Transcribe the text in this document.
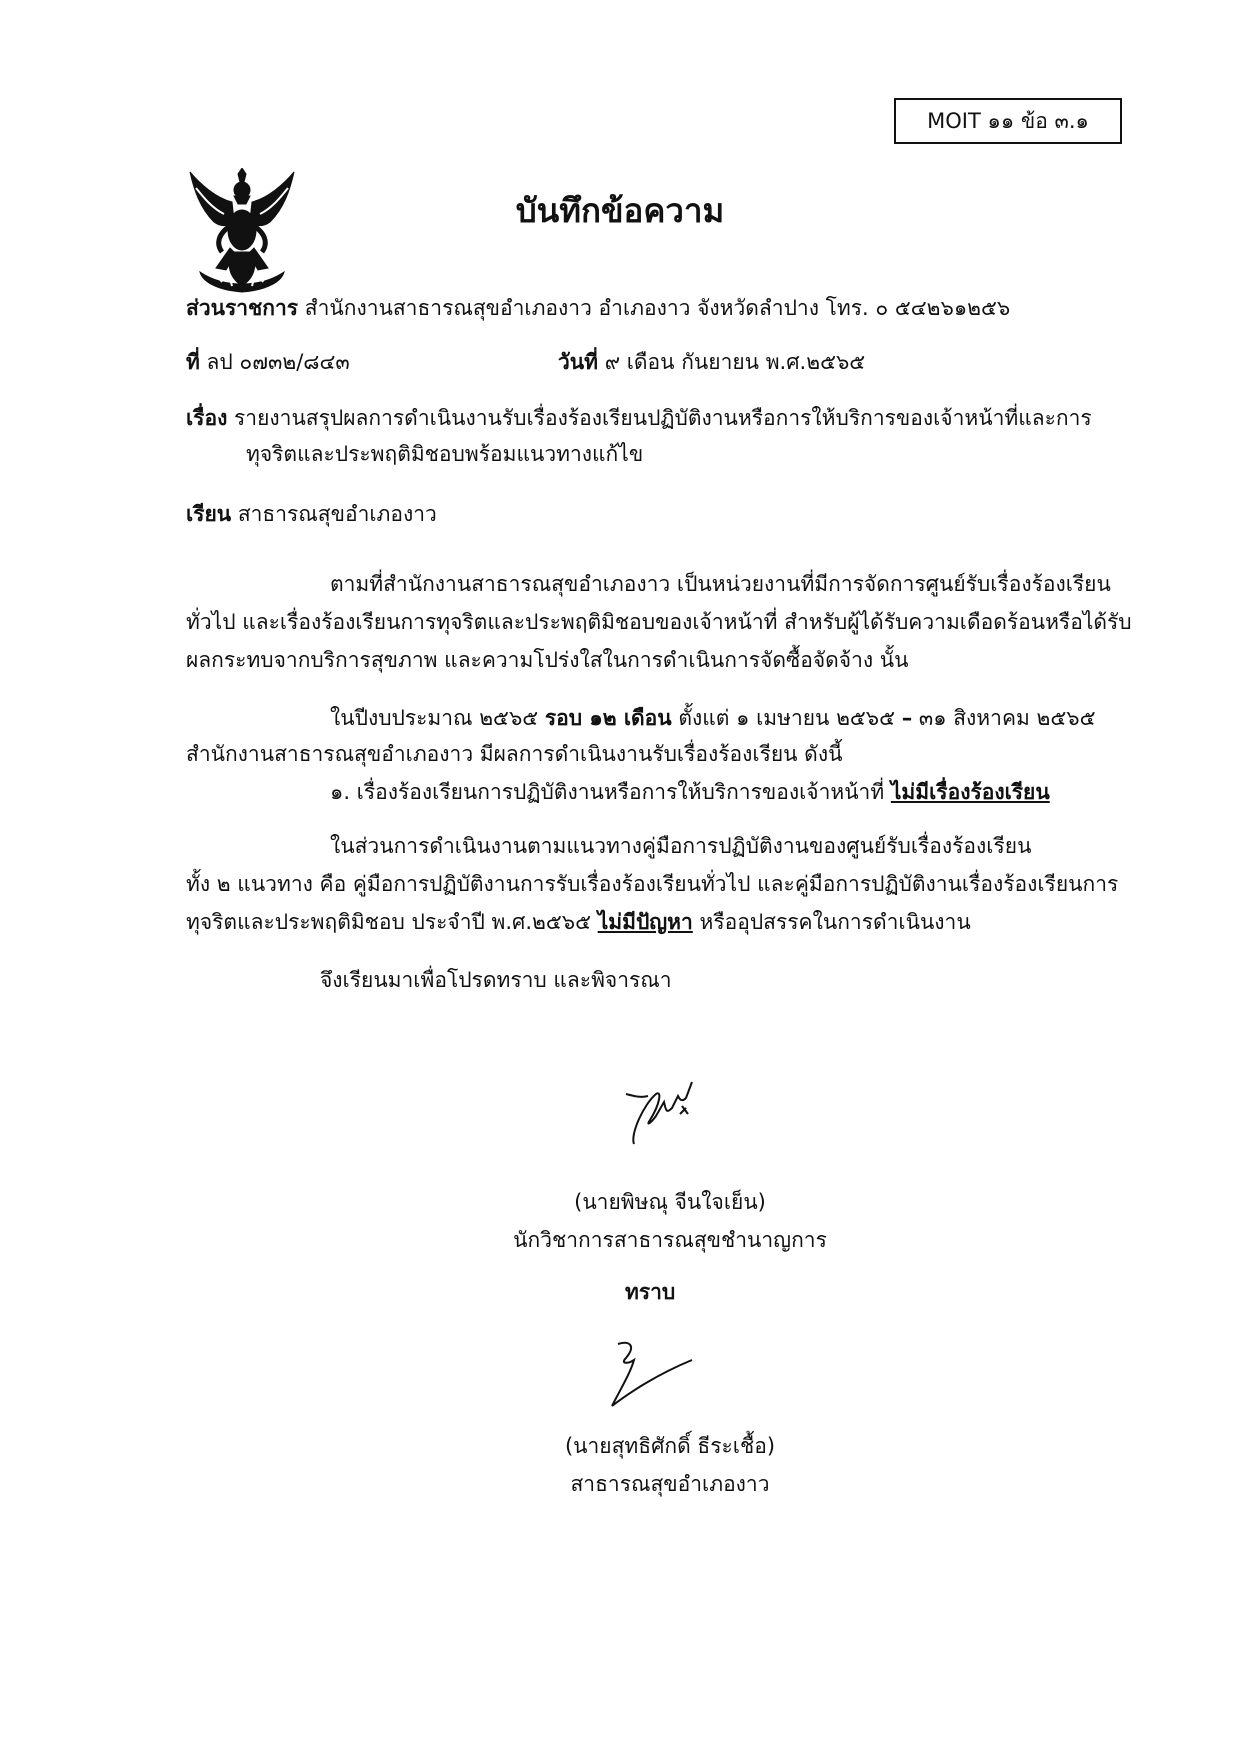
MOIT ๑๑ ข้อ ๓.๑
บันทึกข้อความ
ส่วนราชการ สำนักงานสาธารณสุขอำเภองาว อำเภองาว จังหวัดลำปาง โทร. ๐ ๕๔๒๖๑๒๕๖
ที่ ลป ๐๗๓๒/๘๔๓	วันที่ ๙ เดือน กันยายน พ.ศ.๒๕๖๕
เรื่อง รายงานสรุปผลการดำเนินงานรับเรื่องร้องเรียนปฏิบัติงานหรือการให้บริการของเจ้าหน้าที่และการ
ทุจริตและประพฤติมิชอบพร้อมแนวทางแก้ไข
เรียน สาธารณสุขอำเภองาว
ตามที่สำนักงานสาธารณสุขอำเภองาว เป็นหน่วยงานที่มีการจัดการศูนย์รับเรื่องร้องเรียน
ทั่วไป และเรื่องร้องเรียนการทุจริตและประพฤติมิชอบของเจ้าหน้าที่ สำหรับผู้ได้รับความเดือดร้อนหรือได้รับ
ผลกระทบจากบริการสุขภาพ และความโปร่งใสในการดำเนินการจัดซื้อจัดจ้าง นั้น
ในปีงบประมาณ ๒๕๖๕ รอบ ๑๒ เดือน ตั้งแต่ ๑ เมษายน ๒๕๖๕ – ๓๑ สิงหาคม ๒๕๖๕
สำนักงานสาธารณสุขอำเภองาว มีผลการดำเนินงานรับเรื่องร้องเรียน ดังนี้
๑. เรื่องร้องเรียนการปฏิบัติงานหรือการให้บริการของเจ้าหน้าที่ ไม่มีเรื่องร้องเรียน
ในส่วนการดำเนินงานตามแนวทางคู่มือการปฏิบัติงานของศูนย์รับเรื่องร้องเรียน
ทั้ง ๒ แนวทาง คือ คู่มือการปฏิบัติงานการรับเรื่องร้องเรียนทั่วไป และคู่มือการปฏิบัติงานเรื่องร้องเรียนการ
ทุจริตและประพฤติมิชอบ ประจำปี พ.ศ.๒๕๖๕ ไม่มีปัญหา หรืออุปสรรคในการดำเนินงาน
จึงเรียนมาเพื่อโปรดทราบ และพิจารณา
(นายพิษณุ จีนใจเย็น)
นักวิชาการสาธารณสุขชำนาญการ
ทราบ
(นายสุทธิศักดิ์ ธีระเชื้อ)
สาธารณสุขอำเภองาว
